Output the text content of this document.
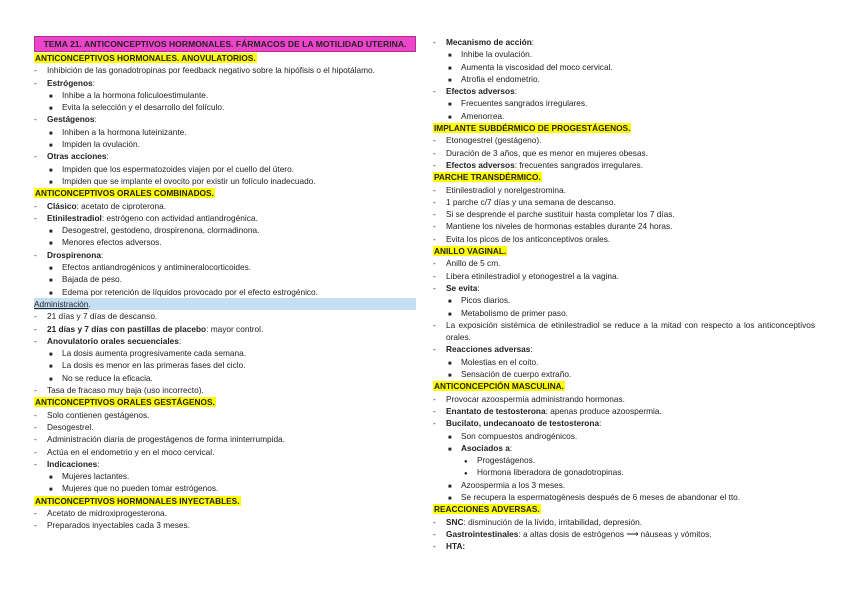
TEMA 21. ANTICONCEPTIVOS HORMONALES. FÁRMACOS DE LA MOTILIDAD UTERINA.
ANTICONCEPTIVOS HORMONALES. ANOVULATORIOS.
- Inhibición de las gonadotropinas por feedback negativo sobre la hipófisis o el hipotálamo.
- Estrógenos:
■ Inhibe a la hormona foliculoestimulante.
■ Evita la selección y el desarrollo del folículo.
- Gestágenos:
■ Inhiben a la hormona luteinizante.
■ Impiden la ovulación.
- Otras acciones:
■ Impiden que los espermatozoides viajen por el cuello del útero.
■ Impiden que se implante el ovocito por existir un folículo inadecuado.
ANTICONCEPTIVOS ORALES COMBINADOS.
- Clásico: acetato de ciproterona.
- Etinilestradiol: estrógeno con actividad antiandrogénica.
■ Desogestrel, gestodeno, drospirenona, clormadinona.
■ Menores efectos adversos.
- Drospirenona:
■ Efectos antiandrogénicos y antimineralocorticoides.
■ Bajada de peso.
■ Edema por retención de líquidos provocado por el efecto estrogénico.
Administración.
- 21 días y 7 días de descanso.
- 21 días y 7 días con pastillas de placebo: mayor control.
- Anovulatorio orales secuenciales:
■ La dosis aumenta progresivamente cada semana.
■ La dosis es menor en las primeras fases del ciclo.
■ No se reduce la eficacia.
- Tasa de fracaso muy baja (uso incorrecto).
ANTICONCEPTIVOS ORALES GESTÁGENOS.
- Solo contienen gestágenos.
- Desogestrel.
- Administración diaria de progestágenos de forma ininterrumpida.
- Actúa en el endometrio y en el moco cervical.
- Indicaciones:
■ Mujeres lactantes.
■ Mujeres que no pueden tomar estrógenos.
ANTICONCEPTIVOS HORMONALES INYECTABLES.
- Acetato de midroxiprogesterona.
- Preparados inyectables cada 3 meses.
- Mecanismo de acción:
■ Inhibe la ovulación.
■ Aumenta la viscosidad del moco cervical.
■ Atrofia el endometrio.
- Efectos adversos:
■ Frecuentes sangrados irregulares.
■ Amenorrea.
IMPLANTE SUBDÉRMICO DE PROGESTÁGENOS.
- Etonogestrel (gestágeno).
- Duración de 3 años, que es menor en mujeres obesas.
- Efectos adversos: frecuentes sangrados irregulares.
PARCHE TRANSDÉRMICO.
- Etinilestradiol y norelgestromina.
- 1 parche c/7 días y una semana de descanso.
- Si se desprende el parche sustituir hasta completar los 7 días.
- Mantiene los niveles de hormonas estables durante 24 horas.
- Evita los picos de los anticonceptivos orales.
ANILLO VAGINAL.
- Anillo de 5 cm.
- Libera etinilestradiol y etonogestrel a la vagina.
- Se evita:
■ Picos diarios.
■ Metabolismo de primer paso.
- La exposición sistémica de etinilestradiol se reduce a la mitad con respecto a los anticonceptivos orales.
- Reacciones adversas:
■ Molestias en el coito.
■ Sensación de cuerpo extraño.
ANTICONCEPCIÓN MASCULINA.
- Provocar azoospermia administrando hormonas.
- Enantato de testosterona: apenas produce azoospermia.
- Bucilato, undecanoato de testosterona:
■ Son compuestos androgénicos.
■ Asociados a:
● Progestágenos.
● Hormona liberadora de gonadotropinas.
■ Azoospermia a los 3 meses.
■ Se recupera la espermatogénesis después de 6 meses de abandonar el tto.
REACCIONES ADVERSAS.
- SNC: disminución de la lívido, irritabilidad, depresión.
- Gastrointestinales: a altas dosis de estrógenos ⟶ náuseas y vómitos.
- HTA:
